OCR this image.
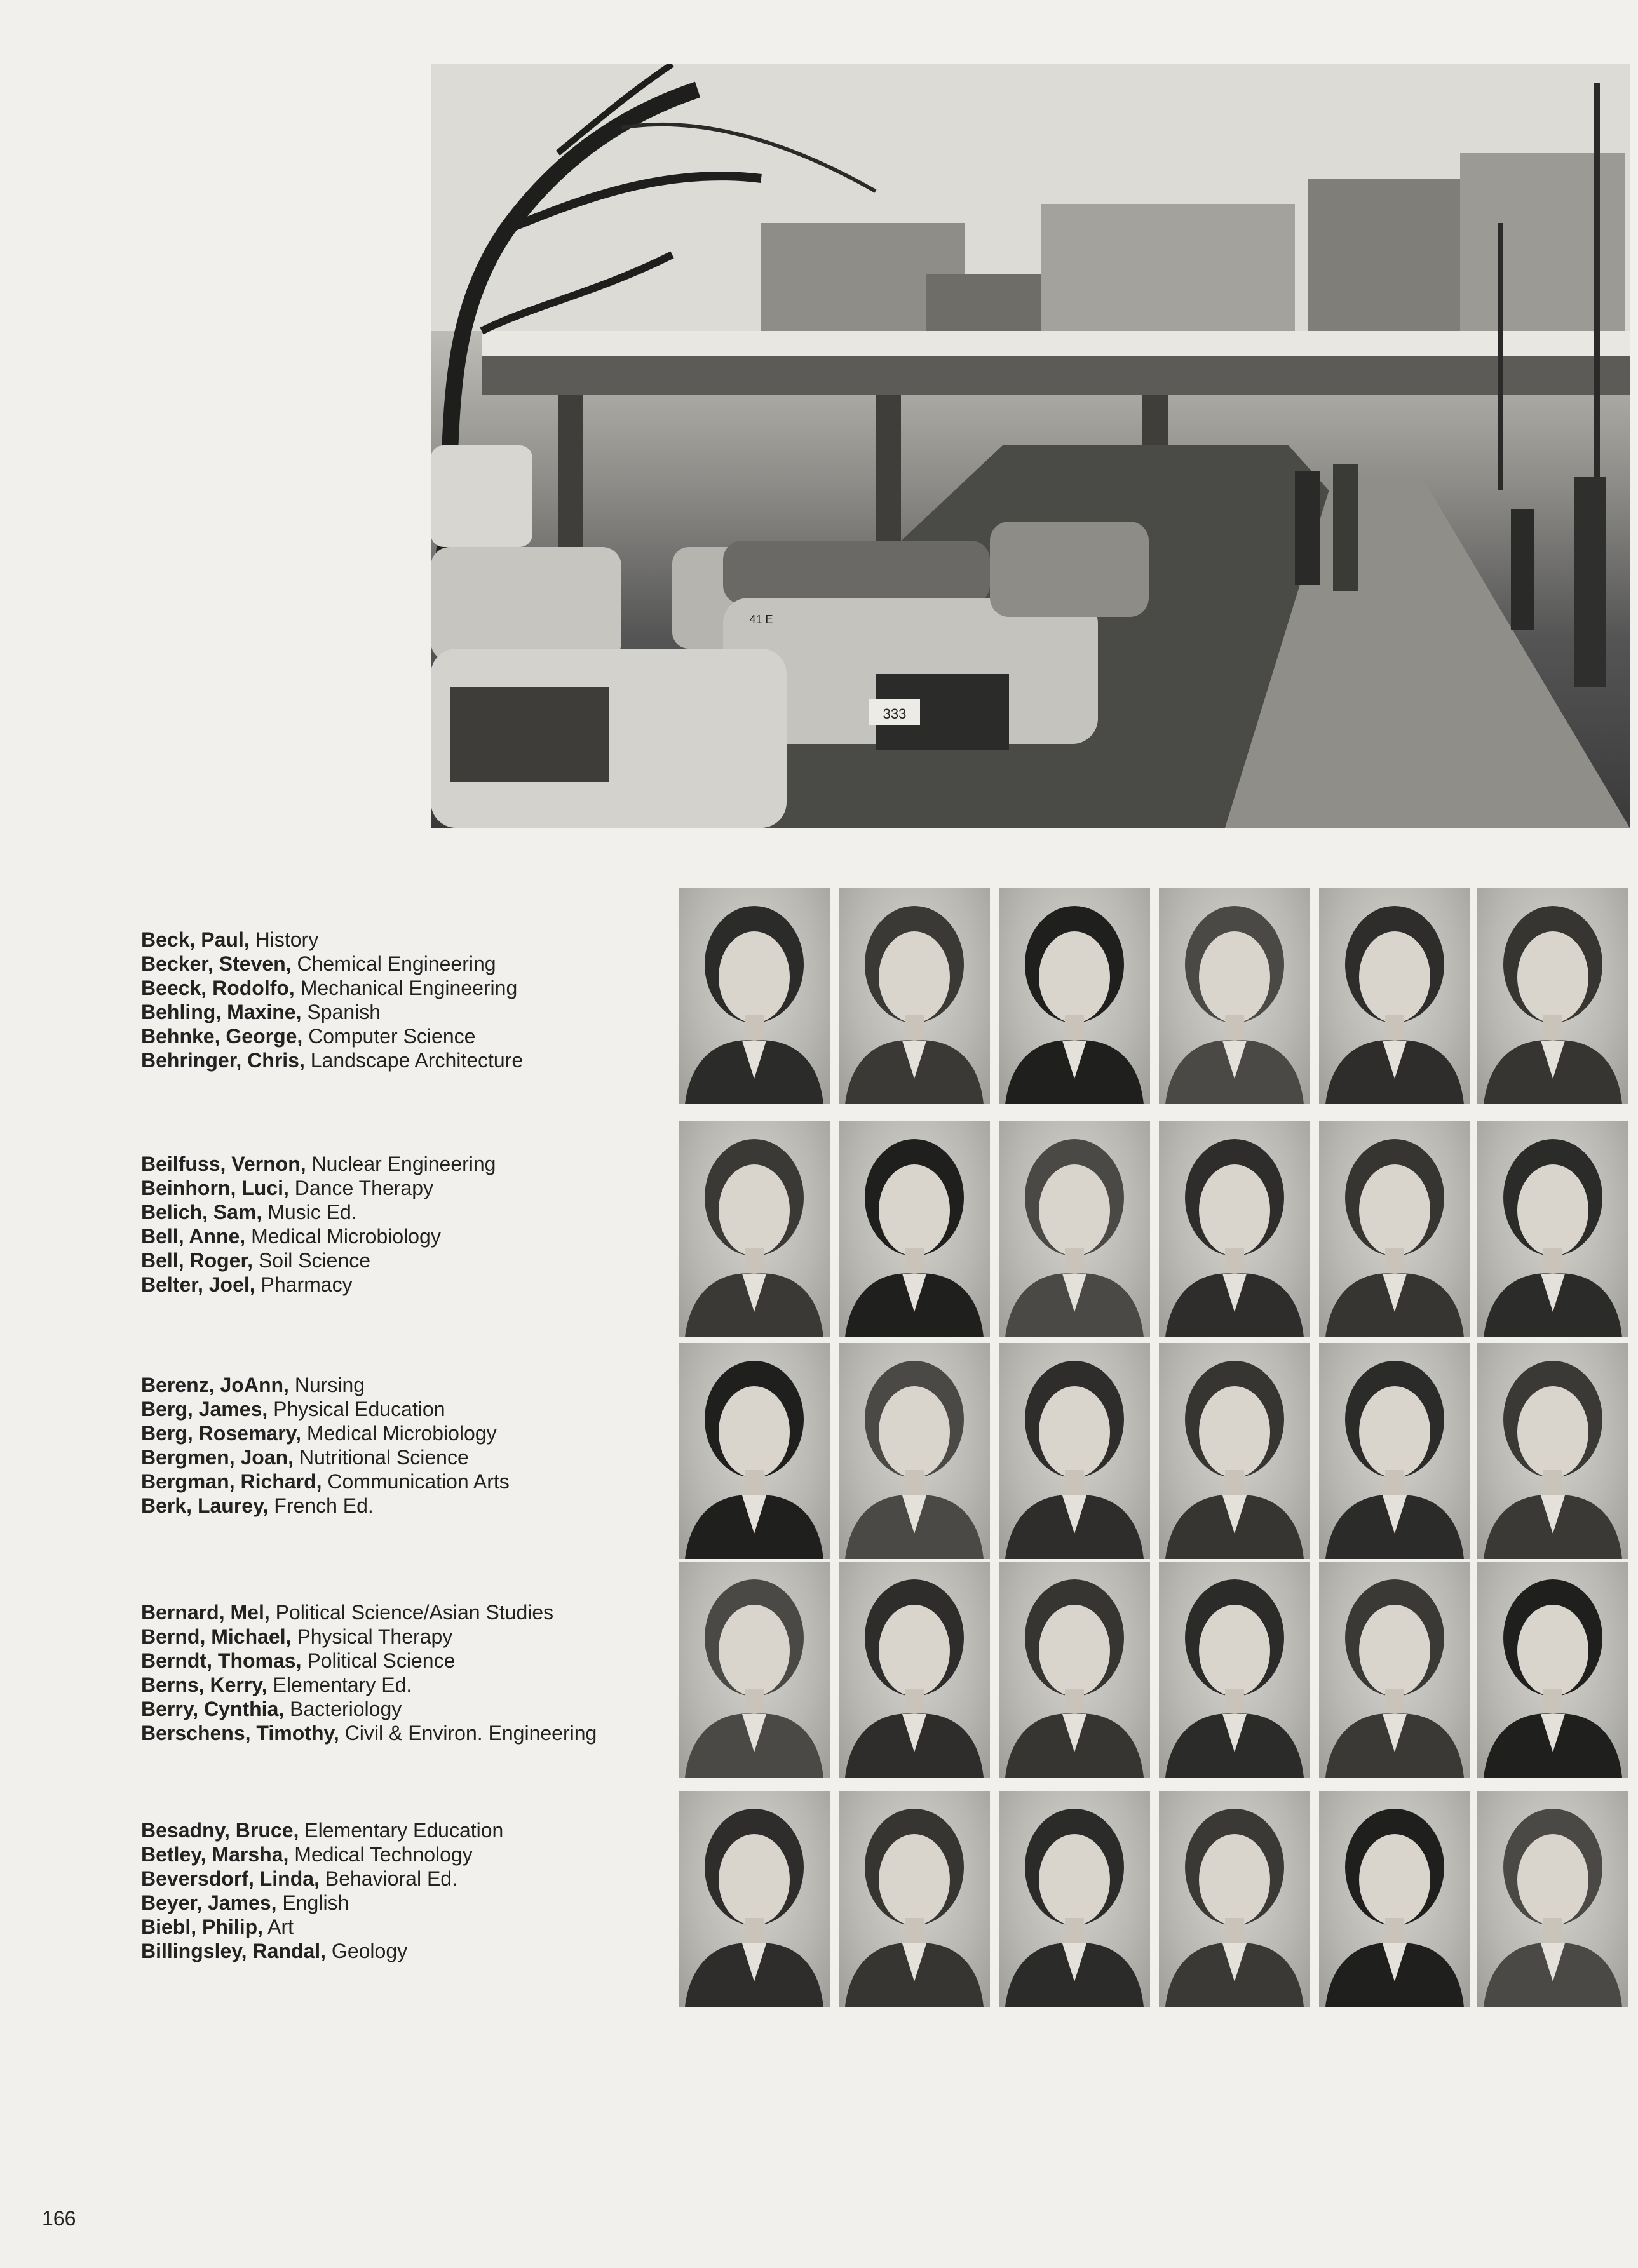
333
41 E
Beck, Paul, History
Becker, Steven, Chemical Engineering
Beeck, Rodolfo, Mechanical Engineering
Behling, Maxine, Spanish
Behnke, George, Computer Science
Behringer, Chris, Landscape Architecture
Beilfuss, Vernon, Nuclear Engineering
Beinhorn, Luci, Dance Therapy
Belich, Sam, Music Ed.
Bell, Anne, Medical Microbiology
Bell, Roger, Soil Science
Belter, Joel, Pharmacy
Berenz, JoAnn, Nursing
Berg, James, Physical Education
Berg, Rosemary, Medical Microbiology
Bergmen, Joan, Nutritional Science
Bergman, Richard, Communication Arts
Berk, Laurey, French Ed.
Bernard, Mel, Political Science/Asian Studies
Bernd, Michael, Physical Therapy
Berndt, Thomas, Political Science
Berns, Kerry, Elementary Ed.
Berry, Cynthia, Bacteriology
Berschens, Timothy, Civil & Environ. Engineering
Besadny, Bruce, Elementary Education
Betley, Marsha, Medical Technology
Beversdorf, Linda, Behavioral Ed.
Beyer, James, English
Biebl, Philip, Art
Billingsley, Randal, Geology
166
